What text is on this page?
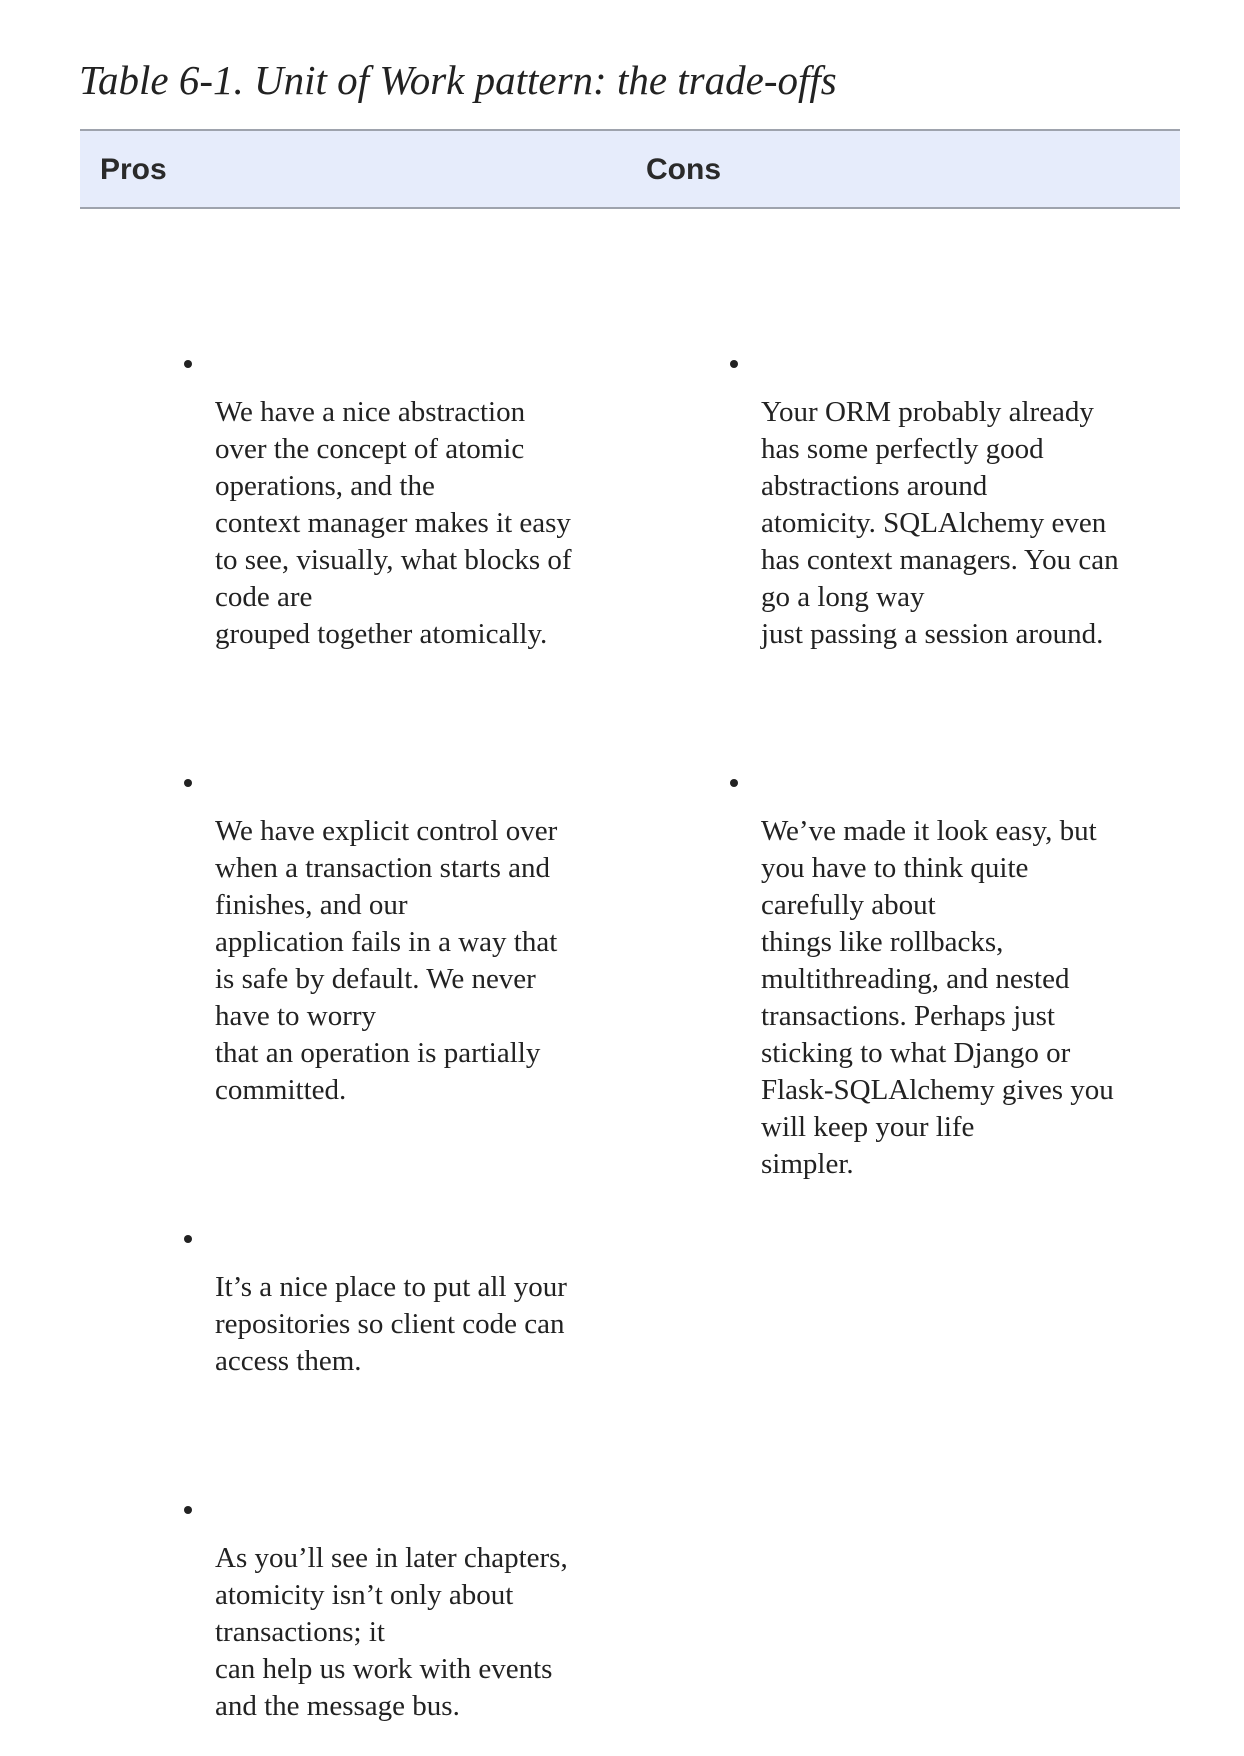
Table 6-1. Unit of Work pattern: the trade-offs
Pros	Cons
We have a nice abstraction
over the concept of atomic
operations, and the
context manager makes it easy
to see, visually, what blocks of
code are
grouped together atomically.
We have explicit control over
when a transaction starts and
finishes, and our
application fails in a way that
is safe by default. We never
have to worry
that an operation is partially
committed.
It’s a nice place to put all your
repositories so client code can
access them.
As you’ll see in later chapters,
atomicity isn’t only about
transactions; it
can help us work with events
and the message bus.
Your ORM probably already
has some perfectly good
abstractions around
atomicity. SQLAlchemy even
has context managers. You can
go a long way
just passing a session around.
We’ve made it look easy, but
you have to think quite
carefully about
things like rollbacks,
multithreading, and nested
transactions. Perhaps just
sticking to what Django or
Flask-SQLAlchemy gives you
will keep your life
simpler.
